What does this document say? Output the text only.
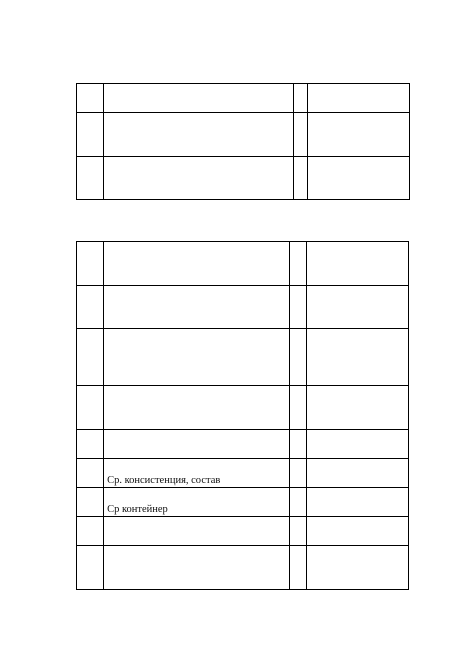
	Ср. консистенция, состав		

	Ср контейнер		
